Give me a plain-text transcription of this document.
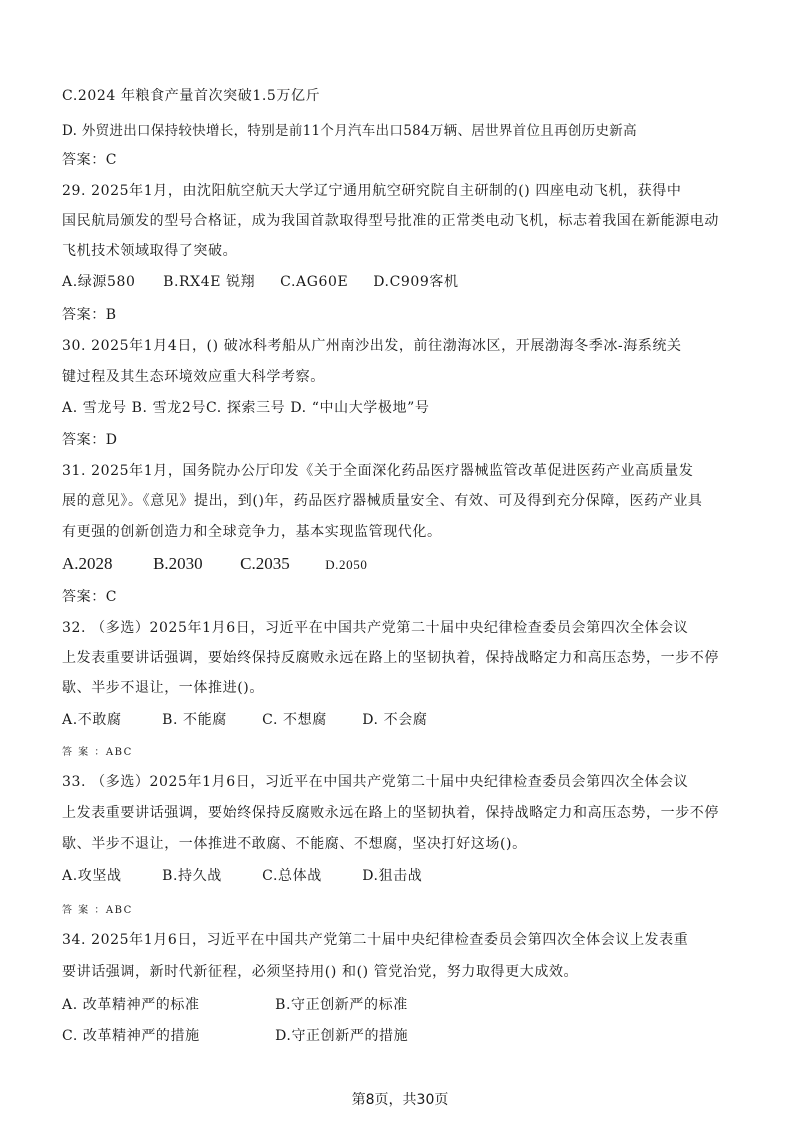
C.2024 年粮食产量首次突破1.5万亿斤

D. 外贸进出口保持较快增长，特别是前11个月汽车出口584万辆、居世界首位且再创历史新高

答案：C

29. 2025年1月，由沈阳航空航天大学辽宁通用航空研究院自主研制的() 四座电动飞机，获得中

国民航局颁发的型号合格证，成为我国首款取得型号批准的正常类电动飞机，标志着我国在新能源电动

飞机技术领域取得了突破。

A.绿源580 B.RX4E 锐翔 C.AG60E D.C909客机

答案：B

30. 2025年1月4日，() 破冰科考船从广州南沙出发，前往渤海冰区，开展渤海冬季冰-海系统关

键过程及其生态环境效应重大科学考察。

A. 雪龙号 B. 雪龙2号C. 探索三号 D. “中山大学极地”号

答案：D

31. 2025年1月，国务院办公厅印发《关于全面深化药品医疗器械监管改革促进医药产业高质量发

展的意见》。《意见》提出，到()年，药品医疗器械质量安全、有效、可及得到充分保障，医药产业具

有更强的创新创造力和全球竞争力，基本实现监管现代化。

A.2028 B.2030 C.2035	D.2050

答案：C

32. （多选）2025年1月6日，习近平在中国共产党第二十届中央纪律检查委员会第四次全体会议

上发表重要讲话强调，要始终保持反腐败永远在路上的坚韧执着，保持战略定力和高压态势，一步不停

歇、半步不退让，一体推进()。

A.不敢腐	B. 不能腐	C. 不想腐	D. 不会腐

答 案 ：ABC

33. （多选）2025年1月6日，习近平在中国共产党第二十届中央纪律检查委员会第四次全体会议

上发表重要讲话强调，要始终保持反腐败永远在路上的坚韧执着，保持战略定力和高压态势，一步不停

歇、半步不退让，一体推进不敢腐、不能腐、不想腐，坚决打好这场()。

A.攻坚战	B.持久战	C.总体战	D.狙击战

答 案 ：ABC

34. 2025年1月6日，习近平在中国共产党第二十届中央纪律检查委员会第四次全体会议上发表重

要讲话强调，新时代新征程，必须坚持用() 和() 管党治党，努力取得更大成效。

A. 改革精神严的标准	B.守正创新严的标准
C. 改革精神严的措施	D.守正创新严的措施
第8页，共30页
